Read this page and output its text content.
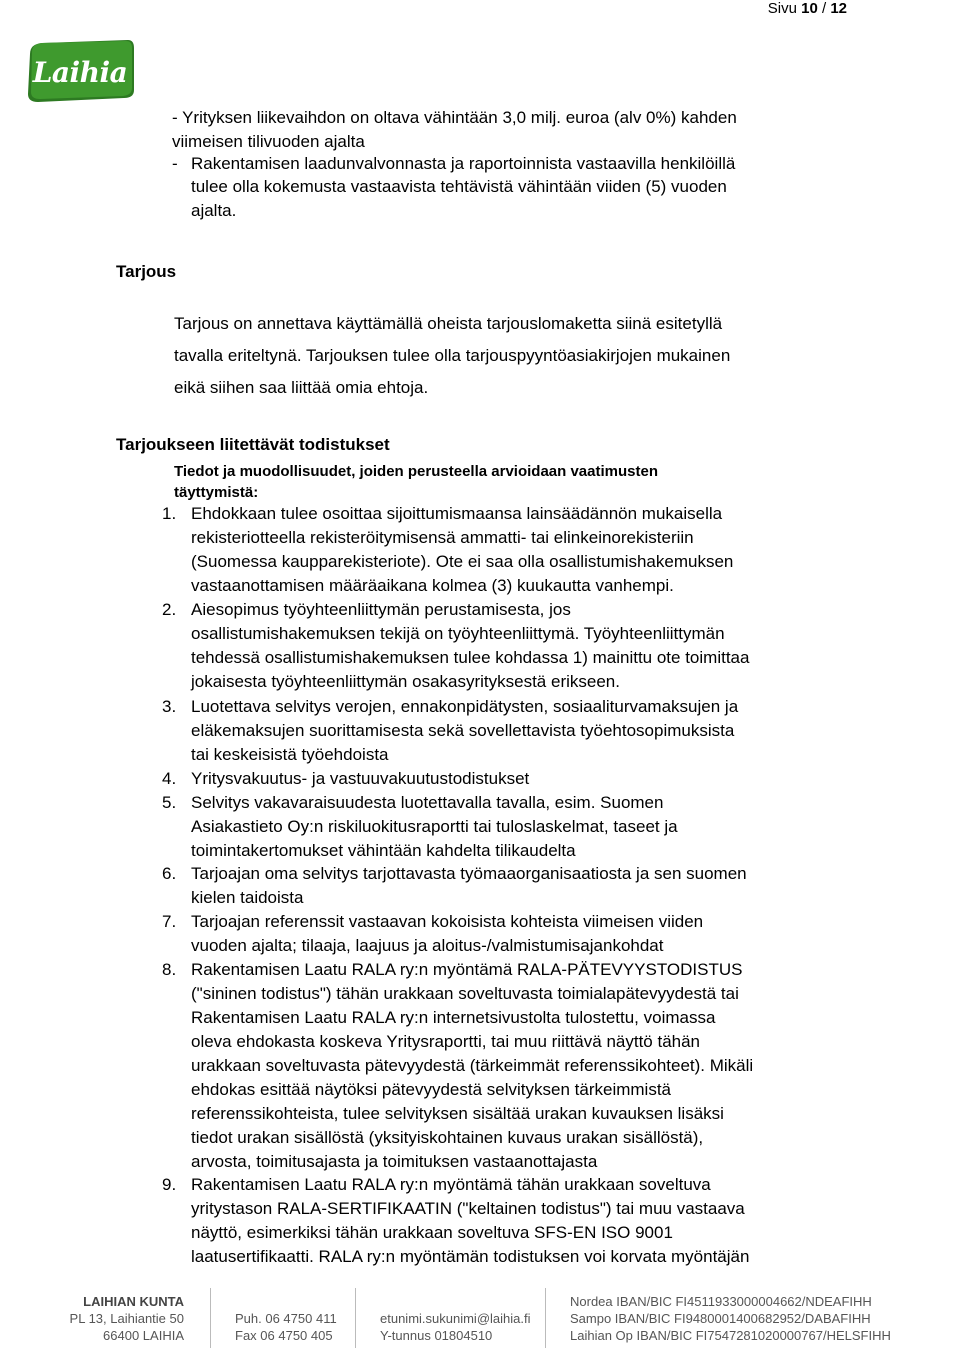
Sivu 10 / 12
Laihia
- Yrityksen liikevaihdon on oltava vähintään 3,0 milj. euroa (alv 0%) kahden
viimeisen tilivuoden ajalta
- Rakentamisen laadunvalvonnasta ja raportoinnista vastaavilla henkilöillä
tulee olla kokemusta vastaavista tehtävistä vähintään viiden (5) vuoden
ajalta.
Tarjous
Tarjous on annettava käyttämällä oheista tarjouslomaketta siinä esitetyllä
tavalla eriteltynä. Tarjouksen tulee olla tarjouspyyntöasiakirjojen mukainen
eikä siihen saa liittää omia ehtoja.
Tarjoukseen liitettävät todistukset
Tiedot ja muodollisuudet, joiden perusteella arvioidaan vaatimusten
täyttymistä:
1. Ehdokkaan tulee osoittaa sijoittumismaansa lainsäädännön mukaisella
rekisteriotteella rekisteröitymisensä ammatti- tai elinkeinorekisteriin
(Suomessa kaupparekisteriote). Ote ei saa olla osallistumishakemuksen
vastaanottamisen määräaikana kolmea (3) kuukautta vanhempi.
2. Aiesopimus työyhteenliittymän perustamisesta, jos
osallistumishakemuksen tekijä on työyhteenliittymä. Työyhteenliittymän
tehdessä osallistumishakemuksen tulee kohdassa 1) mainittu ote toimittaa
jokaisesta työyhteenliittymän osakasyrityksestä erikseen.
3. Luotettava selvitys verojen, ennakonpidätysten, sosiaaliturvamaksujen ja
eläkemaksujen suorittamisesta sekä sovellettavista työehtosopimuksista
tai keskeisistä työehdoista
4. Yritysvakuutus- ja vastuuvakuutustodistukset
5. Selvitys vakavaraisuudesta luotettavalla tavalla, esim. Suomen
Asiakastieto Oy:n riskiluokitusraportti tai tuloslaskelmat, taseet ja
toimintakertomukset vähintään kahdelta tilikaudelta
6. Tarjoajan oma selvitys tarjottavasta työmaaorganisaatiosta ja sen suomen
kielen taidoista
7. Tarjoajan referenssit vastaavan kokoisista kohteista viimeisen viiden
vuoden ajalta; tilaaja, laajuus ja aloitus-/valmistumisajankohdat
8. Rakentamisen Laatu RALA ry:n myöntämä RALA-PÄTEVYYSTODISTUS
("sininen todistus") tähän urakkaan soveltuvasta toimialapätevyydestä tai
Rakentamisen Laatu RALA ry:n internetsivustolta tulostettu, voimassa
oleva ehdokasta koskeva Yritysraportti, tai muu riittävä näyttö tähän
urakkaan soveltuvasta pätevyydestä (tärkeimmät referenssikohteet). Mikäli
ehdokas esittää näytöksi pätevyydestä selvityksen tärkeimmistä
referenssikohteista, tulee selvityksen sisältää urakan kuvauksen lisäksi
tiedot urakan sisällöstä (yksityiskohtainen kuvaus urakan sisällöstä),
arvosta, toimitusajasta ja toimituksen vastaanottajasta
9. Rakentamisen Laatu RALA ry:n myöntämä tähän urakkaan soveltuva
yritystason RALA-SERTIFIKAATIN ("keltainen todistus") tai muu vastaava
näyttö, esimerkiksi tähän urakkaan soveltuva SFS-EN ISO 9001
laatusertifikaatti. RALA ry:n myöntämän todistuksen voi korvata myöntäjän
LAIHIAN KUNTA
PL 13, Laihiantie 50
66400 LAIHIA
Puh. 06 4750 411
Fax 06 4750 405
etunimi.sukunimi@laihia.fi
Y-tunnus 01804510
Nordea IBAN/BIC FI4511933000004662/NDEAFIHH
Sampo IBAN/BIC FI9480001400682952/DABAFIHH
Laihian Op IBAN/BIC FI7547281020000767/HELSFIHH
